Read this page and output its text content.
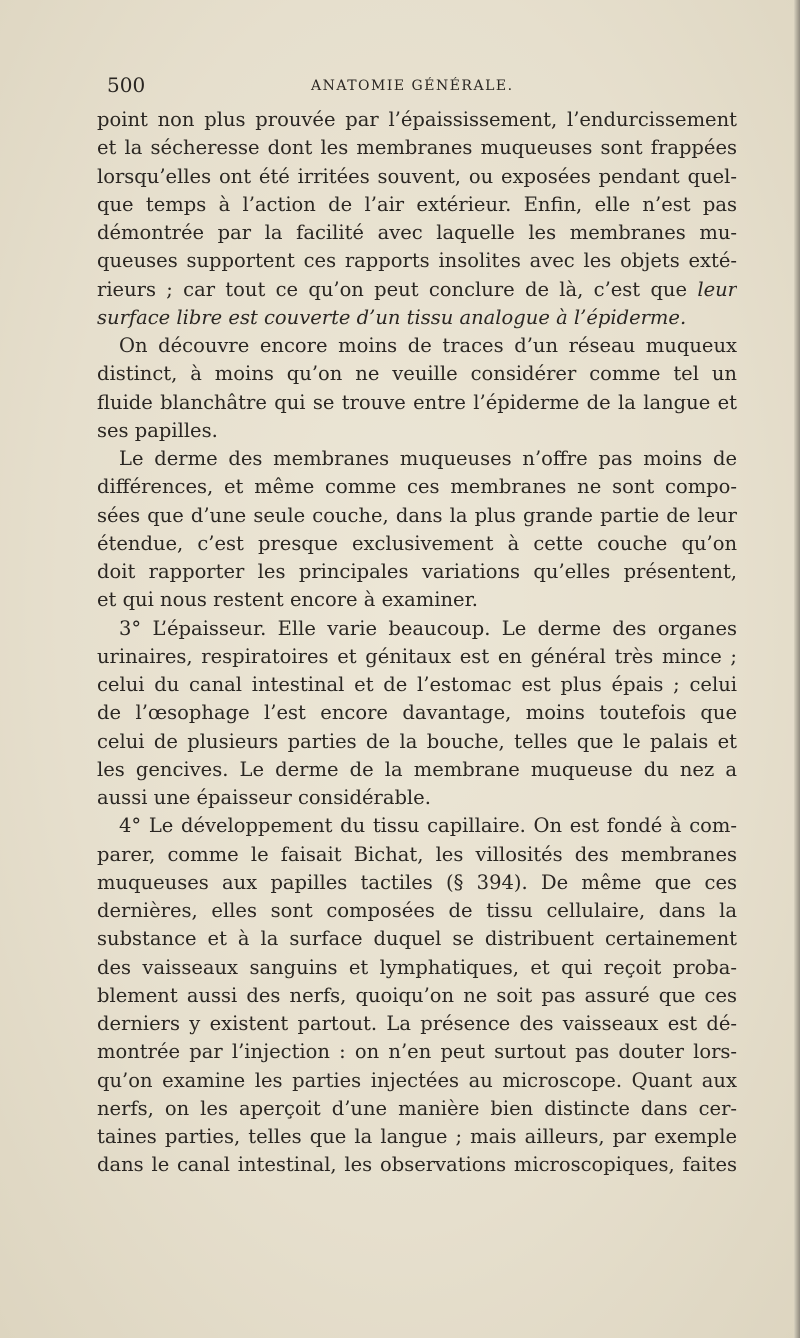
500	ANATOMIE GÉNÉRALE.
point non plus prouvée par l’épaississement, l’endurcissement
et la sécheresse dont les membranes muqueuses sont frappées
lorsqu’elles ont été irritées souvent, ou exposées pendant quel-
que temps à l’action de l’air extérieur. Enfin, elle n’est pas
démontrée par la facilité avec laquelle les membranes mu-
queuses supportent ces rapports insolites avec les objets exté-
rieurs ; car tout ce qu’on peut conclure de là, c’est que leur
surface libre est couverte d’un tissu analogue à l’épiderme.
On découvre encore moins de traces d’un réseau muqueux
distinct, à moins qu’on ne veuille considérer comme tel un
fluide blanchâtre qui se trouve entre l’épiderme de la langue et
ses papilles.
Le derme des membranes muqueuses n’offre pas moins de
différences, et même comme ces membranes ne sont compo-
sées que d’une seule couche, dans la plus grande partie de leur
étendue, c’est presque exclusivement à cette couche qu’on
doit rapporter les principales variations qu’elles présentent,
et qui nous restent encore à examiner.
3° L’épaisseur. Elle varie beaucoup. Le derme des organes
urinaires, respiratoires et génitaux est en général très mince ;
celui du canal intestinal et de l’estomac est plus épais ; celui
de l’œsophage l’est encore davantage, moins toutefois que
celui de plusieurs parties de la bouche, telles que le palais et
les gencives. Le derme de la membrane muqueuse du nez a
aussi une épaisseur considérable.
4° Le développement du tissu capillaire. On est fondé à com-
parer, comme le faisait Bichat, les villosités des membranes
muqueuses aux papilles tactiles (§ 394). De même que ces
dernières, elles sont composées de tissu cellulaire, dans la
substance et à la surface duquel se distribuent certainement
des vaisseaux sanguins et lymphatiques, et qui reçoit proba-
blement aussi des nerfs, quoiqu’on ne soit pas assuré que ces
derniers y existent partout. La présence des vaisseaux est dé-
montrée par l’injection : on n’en peut surtout pas douter lors-
qu’on examine les parties injectées au microscope. Quant aux
nerfs, on les aperçoit d’une manière bien distincte dans cer-
taines parties, telles que la langue ; mais ailleurs, par exemple
dans le canal intestinal, les observations microscopiques, faites
